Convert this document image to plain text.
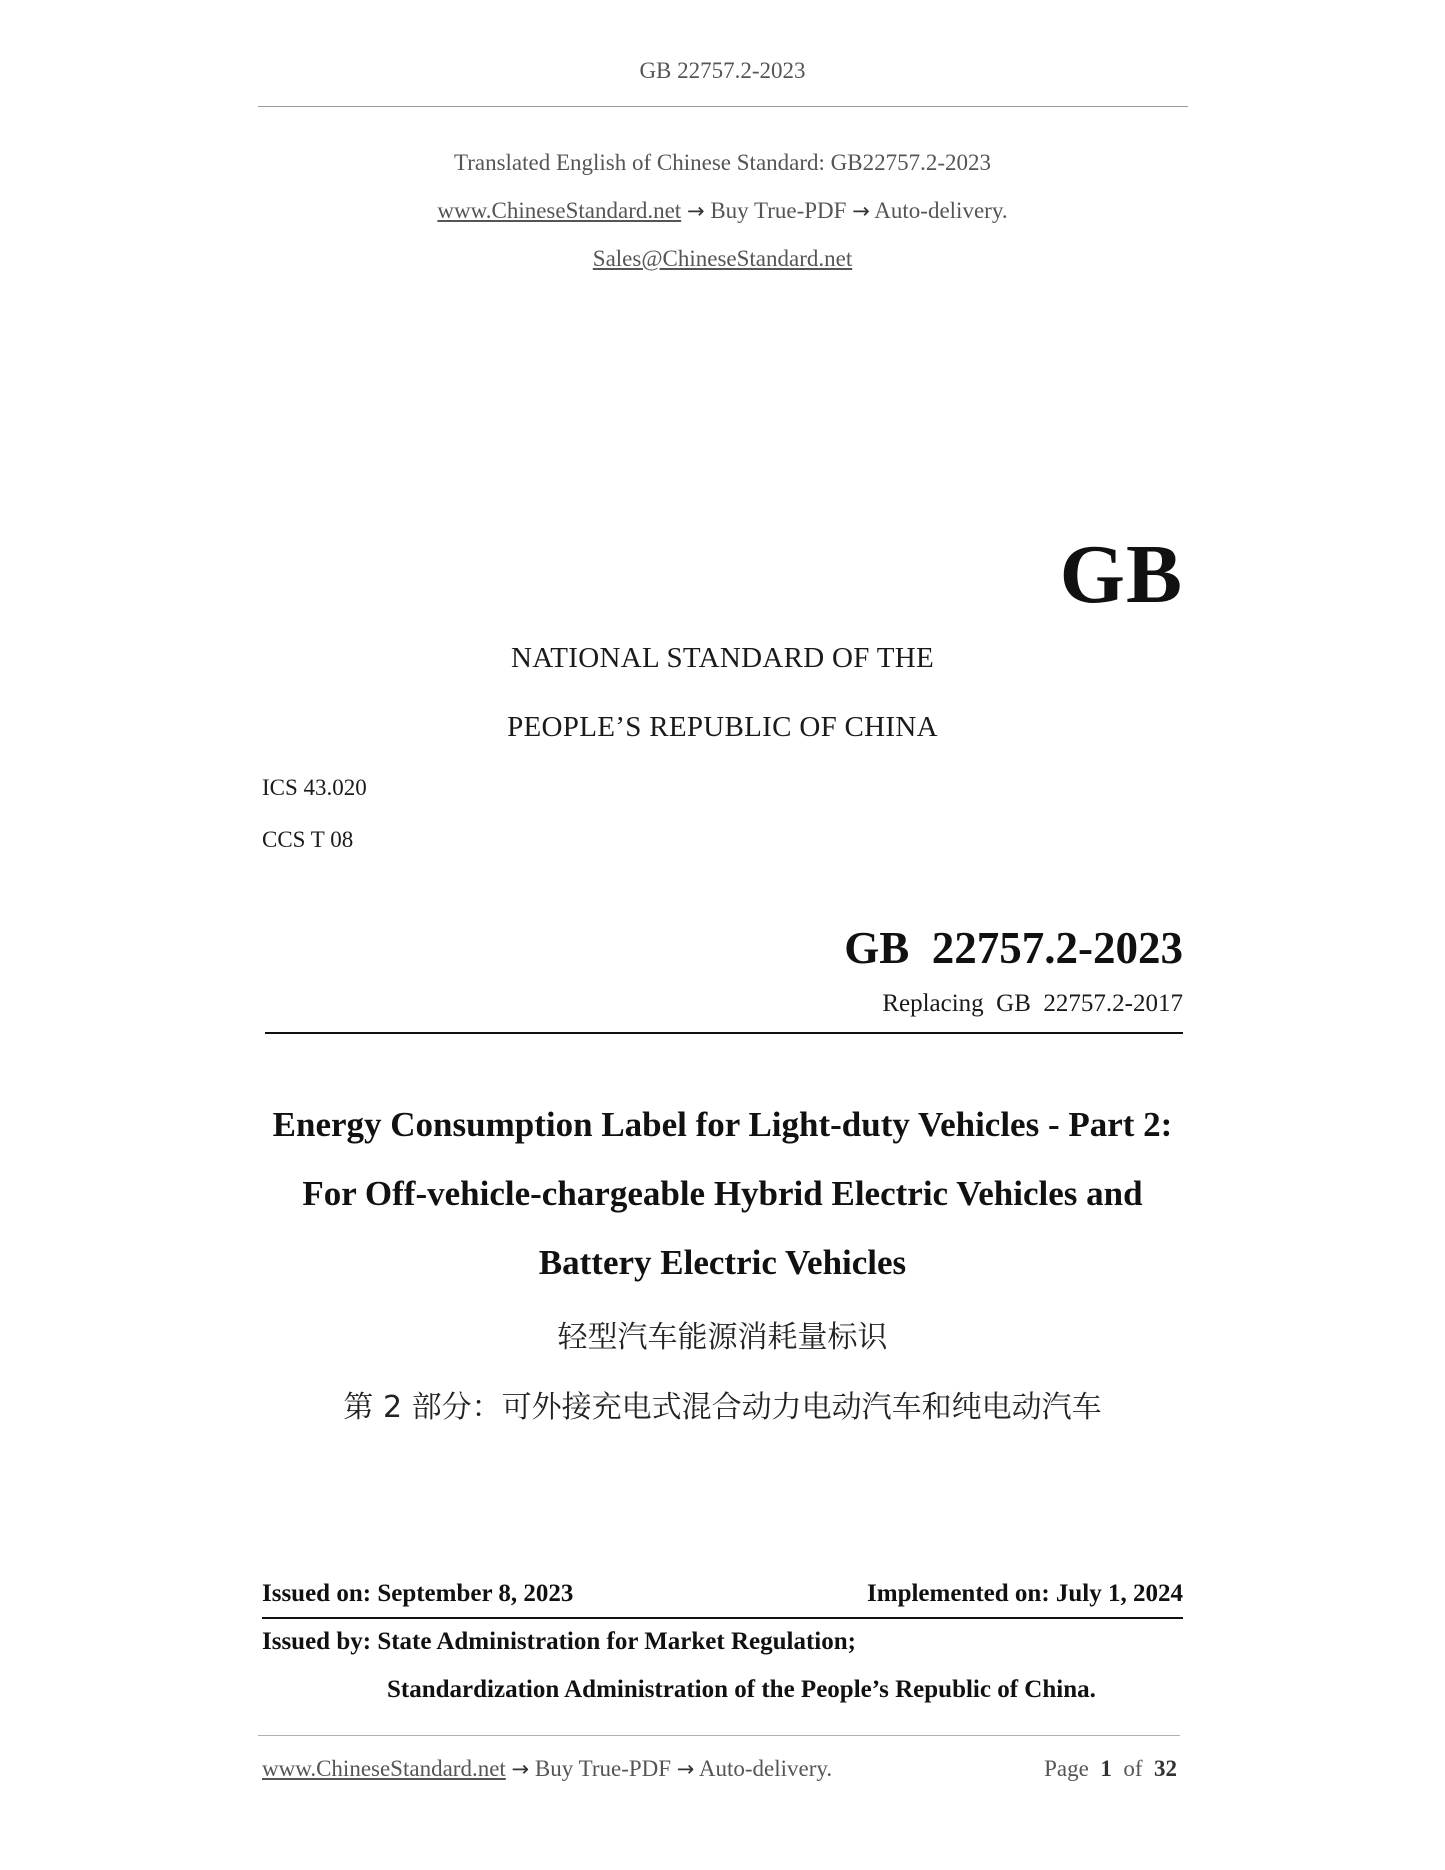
GB 22757.2-2023
Translated English of Chinese Standard: GB22757.2-2023
www.ChineseStandard.net → Buy True-PDF → Auto-delivery.
Sales@ChineseStandard.net
GB
NATIONAL STANDARD OF THE
PEOPLE’S REPUBLIC OF CHINA
ICS 43.020
CCS T 08
GB  22757.2-2023
Replacing  GB  22757.2-2017
Energy Consumption Label for Light-duty Vehicles - Part 2:
For Off-vehicle-chargeable Hybrid Electric Vehicles and
Battery Electric Vehicles
轻型汽车能源消耗量标识
第 2 部分：可外接充电式混合动力电动汽车和纯电动汽车
Issued on: September 8, 2023	Implemented on: July 1, 2024
Issued by: State Administration for Market Regulation;
Standardization Administration of the People’s Republic of China.
www.ChineseStandard.net → Buy True-PDF → Auto-delivery.	Page 1 of 32
